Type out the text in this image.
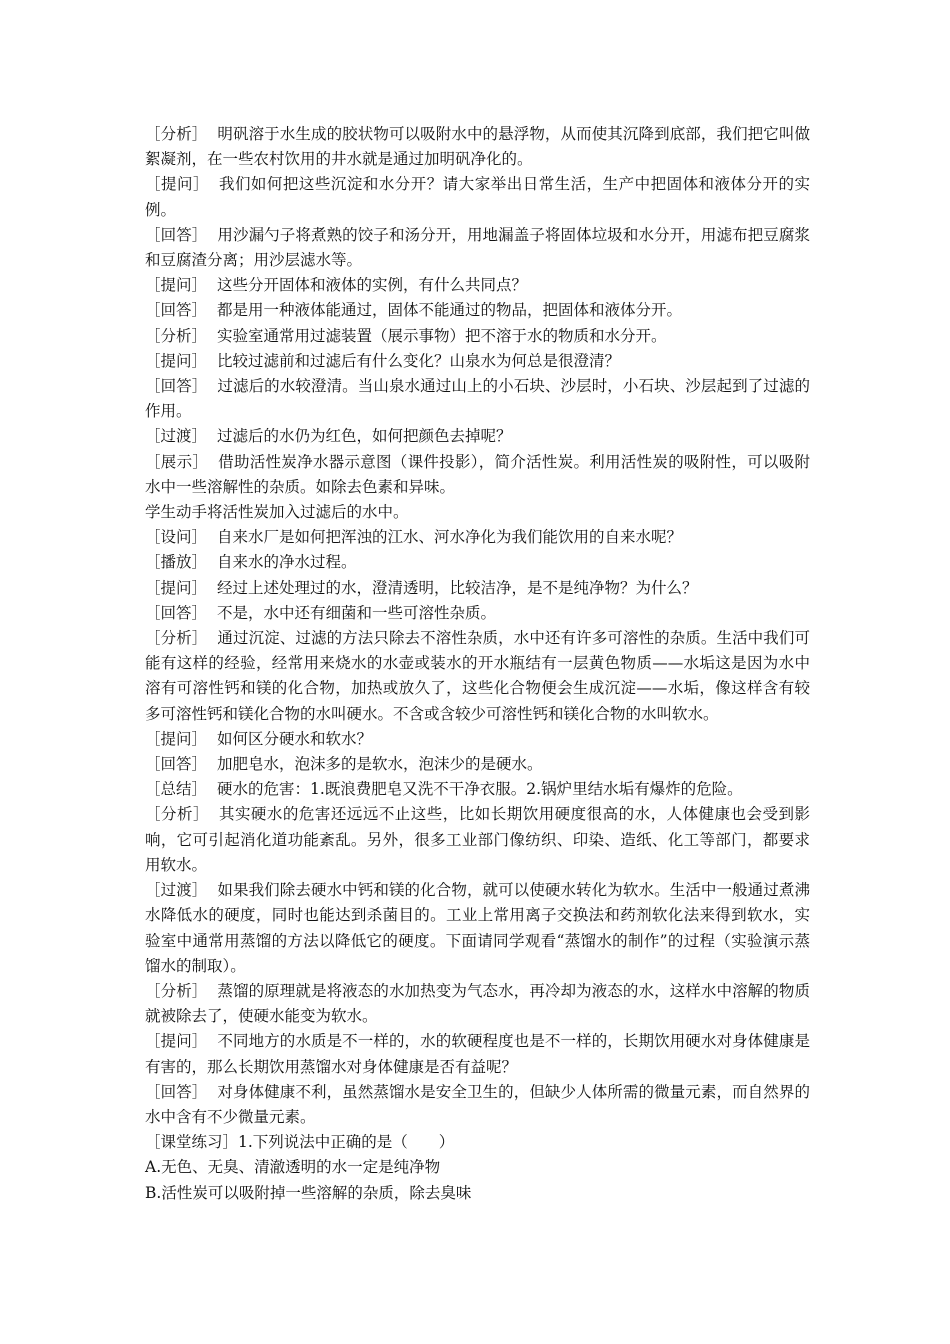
［分析］ 明矾溶于水生成的胶状物可以吸附水中的悬浮物，从而使其沉降到底部，我们把它叫做絮凝剂，在一些农村饮用的井水就是通过加明矾净化的。

［提问］ 我们如何把这些沉淀和水分开？请大家举出日常生活，生产中把固体和液体分开的实例。

［回答］ 用沙漏勺子将煮熟的饺子和汤分开，用地漏盖子将固体垃圾和水分开，用滤布把豆腐浆和豆腐渣分离；用沙层滤水等。

［提问］ 这些分开固体和液体的实例，有什么共同点？

［回答］ 都是用一种液体能通过，固体不能通过的物品，把固体和液体分开。

［分析］ 实验室通常用过滤装置（展示事物）把不溶于水的物质和水分开。

［提问］ 比较过滤前和过滤后有什么变化？山泉水为何总是很澄清？

［回答］ 过滤后的水较澄清。当山泉水通过山上的小石块、沙层时，小石块、沙层起到了过滤的作用。

［过渡］ 过滤后的水仍为红色，如何把颜色去掉呢？

［展示］ 借助活性炭净水器示意图（课件投影），简介活性炭。利用活性炭的吸附性，可以吸附水中一些溶解性的杂质。如除去色素和异味。

学生动手将活性炭加入过滤后的水中。

［设问］ 自来水厂是如何把浑浊的江水、河水净化为我们能饮用的自来水呢？

［播放］ 自来水的净水过程。

［提问］ 经过上述处理过的水，澄清透明，比较洁净，是不是纯净物？为什么？

［回答］ 不是，水中还有细菌和一些可溶性杂质。

［分析］ 通过沉淀、过滤的方法只除去不溶性杂质，水中还有许多可溶性的杂质。生活中我们可能有这样的经验，经常用来烧水的水壶或装水的开水瓶结有一层黄色物质——水垢这是因为水中溶有可溶性钙和镁的化合物，加热或放久了，这些化合物便会生成沉淀——水垢，像这样含有较多可溶性钙和镁化合物的水叫硬水。不含或含较少可溶性钙和镁化合物的水叫软水。

［提问］ 如何区分硬水和软水？

［回答］ 加肥皂水，泡沫多的是软水，泡沫少的是硬水。

［总结］ 硬水的危害：1.既浪费肥皂又洗不干净衣服。2.锅炉里结水垢有爆炸的危险。

［分析］ 其实硬水的危害还远远不止这些，比如长期饮用硬度很高的水，人体健康也会受到影响，它可引起消化道功能紊乱。另外，很多工业部门像纺织、印染、造纸、化工等部门，都要求用软水。

［过渡］ 如果我们除去硬水中钙和镁的化合物，就可以使硬水转化为软水。生活中一般通过煮沸水降低水的硬度，同时也能达到杀菌目的。工业上常用离子交换法和药剂软化法来得到软水，实验室中通常用蒸馏的方法以降低它的硬度。下面请同学观看“蒸馏水的制作”的过程（实验演示蒸馏水的制取）。

［分析］ 蒸馏的原理就是将液态的水加热变为气态水，再冷却为液态的水，这样水中溶解的物质就被除去了，使硬水能变为软水。

［提问］ 不同地方的水质是不一样的，水的软硬程度也是不一样的，长期饮用硬水对身体健康是有害的，那么长期饮用蒸馏水对身体健康是否有益呢？

［回答］ 对身体健康不利，虽然蒸馏水是安全卫生的，但缺少人体所需的微量元素，而自然界的水中含有不少微量元素。

［课堂练习］1.下列说法中正确的是（　　）

A.无色、无臭、清澈透明的水一定是纯净物

B.活性炭可以吸附掉一些溶解的杂质，除去臭味
